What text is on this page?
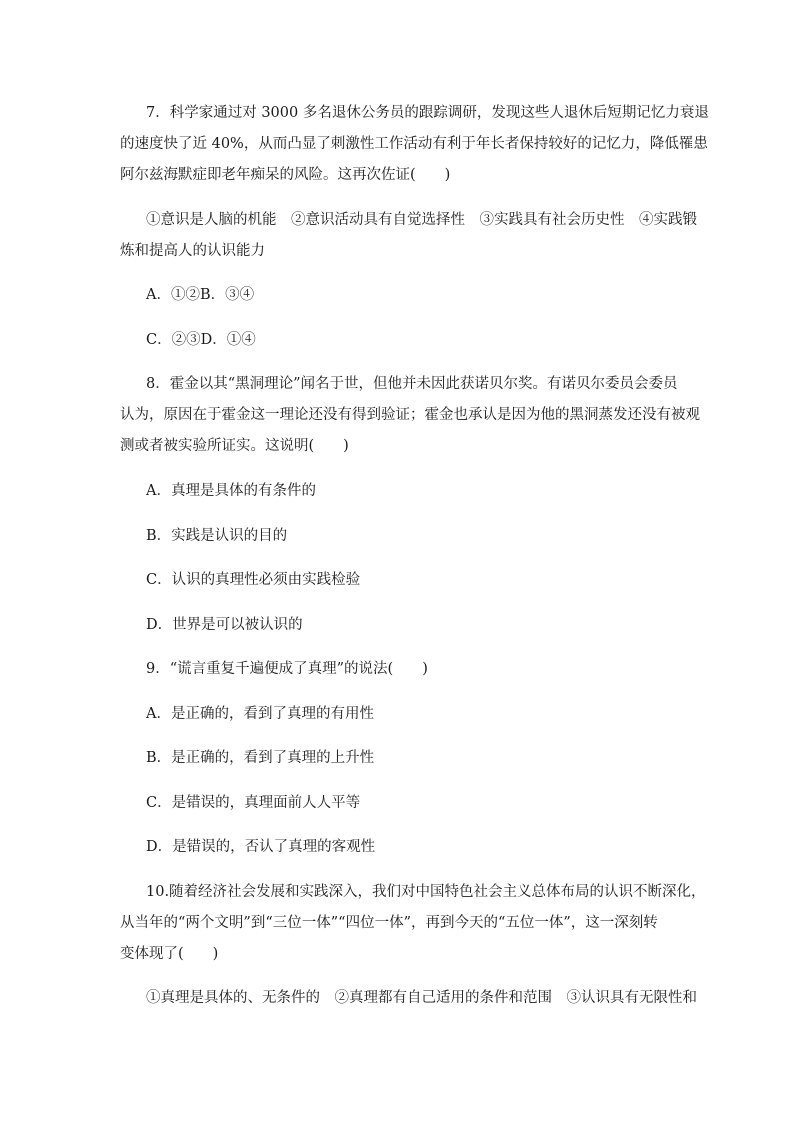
7．科学家通过对 3000 多名退休公务员的跟踪调研，发现这些人退休后短期记忆力衰退
的速度快了近 40%，从而凸显了刺激性工作活动有利于年长者保持较好的记忆力，降低罹患
阿尔兹海默症即老年痴呆的风险。这再次佐证(　　)
①意识是人脑的机能　②意识活动具有自觉选择性　③实践具有社会历史性　④实践锻
炼和提高人的认识能力
A．①②B．③④
C．②③D．①④
8．霍金以其“黑洞理论”闻名于世，但他并未因此获诺贝尔奖。有诺贝尔委员会委员
认为，原因在于霍金这一理论还没有得到验证；霍金也承认是因为他的黑洞蒸发还没有被观
测或者被实验所证实。这说明(　　)
A．真理是具体的有条件的
B．实践是认识的目的
C．认识的真理性必须由实践检验
D．世界是可以被认识的
9．“谎言重复千遍便成了真理”的说法(　　)
A．是正确的，看到了真理的有用性
B．是正确的，看到了真理的上升性
C．是错误的，真理面前人人平等
D．是错误的，否认了真理的客观性
10.随着经济社会发展和实践深入，我们对中国特色社会主义总体布局的认识不断深化，
从当年的“两个文明”到“三位一体”“四位一体”，再到今天的“五位一体”，这一深刻转
变体现了(　　)
①真理是具体的、无条件的　②真理都有自己适用的条件和范围　③认识具有无限性和
